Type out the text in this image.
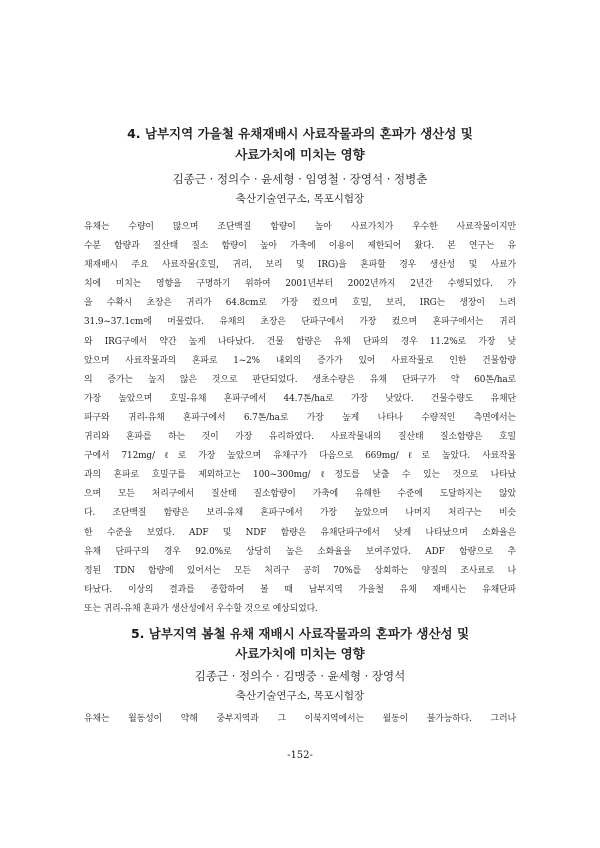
4. 남부지역 가을철 유채재배시 사료작물과의 혼파가 생산성 및
사료가치에 미치는 영향
김종근 · 정의수 · 윤세형 · 임영철 · 장영석 · 정병춘
축산기술연구소, 목포시험장
유채는 수량이 많으며 조단백질 함량이 높아 사료가치가 우수한 사료작물이지만
수분 함량과 질산태 질소 함량이 높아 가축에 이용이 제한되어 왔다. 본 연구는 유
채재배시 주요 사료작물(호밀, 귀리, 보리 및 IRG)을 혼파할 경우 생산성 및 사료가
치에 미치는 영향을 구명하기 위하여 2001년부터 2002년까지 2년간 수행되었다. 가
을 수확시 초장은 귀리가 64.8cm로 가장 컸으며 호밀, 보리, IRG는 생장이 느려
31.9~37.1cm에 머물렀다. 유채의 초장은 단파구에서 가장 컸으며 혼파구에서는 귀리
와 IRG구에서 약간 높게 나타났다. 건물 함량은 유채 단파의 경우 11.2%로 가장 낮
았으며 사료작물과의 혼파로 1~2% 내외의 증가가 있어 사료작물로 인한 건물함량
의 증가는 높지 않은 것으로 판단되었다. 생초수량은 유채 단파구가 약 60톤/ha로
가장 높았으며 호밀-유채 혼파구에서 44.7톤/ha로 가장 낮았다. 건물수량도 유채단
파구와 귀리-유채 혼파구에서 6.7톤/ha로 가장 높게 나타나 수량적인 측면에서는
귀리와 혼파를 하는 것이 가장 유리하였다. 사료작물내의 질산태 질소함량은 호밀
구에서 712mg/ℓ로 가장 높았으며 유채구가 다음으로 669mg/ℓ로 높았다. 사료작물
과의 혼파로 호밀구를 제외하고는 100~300mg/ℓ정도를 낮출 수 있는 것으로 나타났
으며 모든 처리구에서 질산태 질소함량이 가축에 유해한 수준에 도달하지는 않았
다. 조단백질 함량은 보리-유채 혼파구에서 가장 높았으며 나머지 처리구는 비슷
한 수준을 보였다. ADF 및 NDF 함량은 유채단파구에서 낮게 나타났으며 소화율은
유채 단파구의 경우 92.0%로 상당히 높은 소화율을 보여주었다. ADF 함량으로 추
정된 TDN 함량에 있어서는 모든 처리구 공히 70%를 상회하는 양질의 조사료로 나
타났다. 이상의 결과를 종합하여 볼 때 남부지역 가을철 유채 재배시는 유채단파
또는 귀리-유채 혼파가 생산성에서 우수할 것으로 예상되었다.
5. 남부지역 봄철 유채 재배시 사료작물과의 혼파가 생산성 및
사료가치에 미치는 영향
김종근 · 정의수 · 김맹중 · 윤세형 · 장영석
축산기술연구소, 목포시험장
유채는 월동성이 약해 중부지역과 그 이북지역에서는 월동이 불가능하다. 그러나
-152-
